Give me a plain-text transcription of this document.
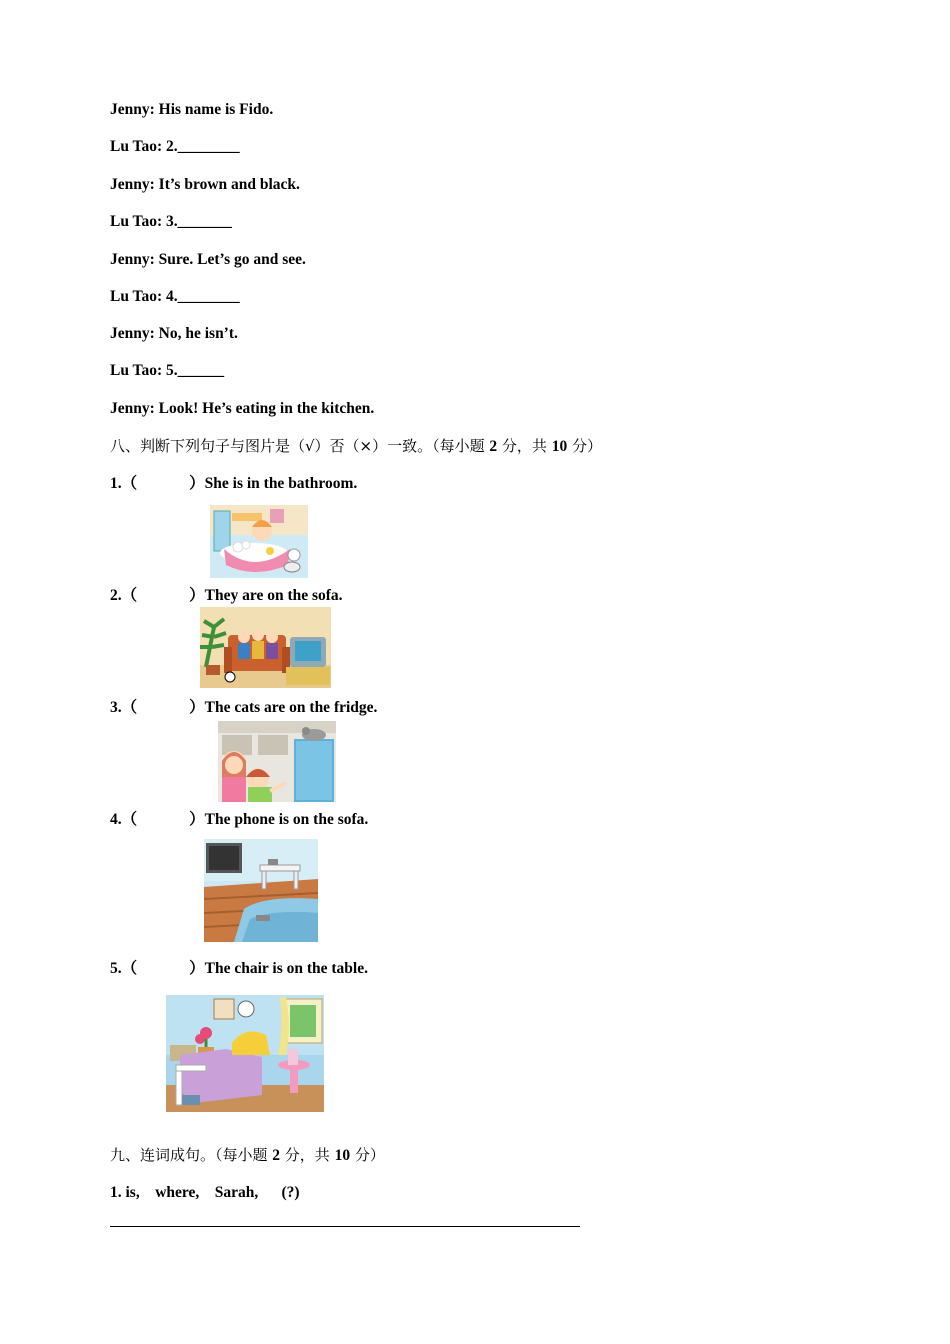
Jenny: His name is Fido.
Lu Tao: 2.________
Jenny: It’s brown and black.
Lu Tao: 3._______
Jenny: Sure. Let’s go and see.
Lu Tao: 4.________
Jenny: No, he isn’t.
Lu Tao: 5.______
Jenny: Look! He’s eating in the kitchen.
八、判断下列句子与图片是（√）否（×）一致。（每小题 2 分，共 10 分）
1.（	）She is in the bathroom.
2.（	）They are on the sofa.
3.（	）The cats are on the fridge.
4.（	）The phone is on the sofa.
5.（	）The chair is on the table.
九、连词成句。（每小题 2 分，共 10 分）
1. is,    where,    Sarah,      (?)
